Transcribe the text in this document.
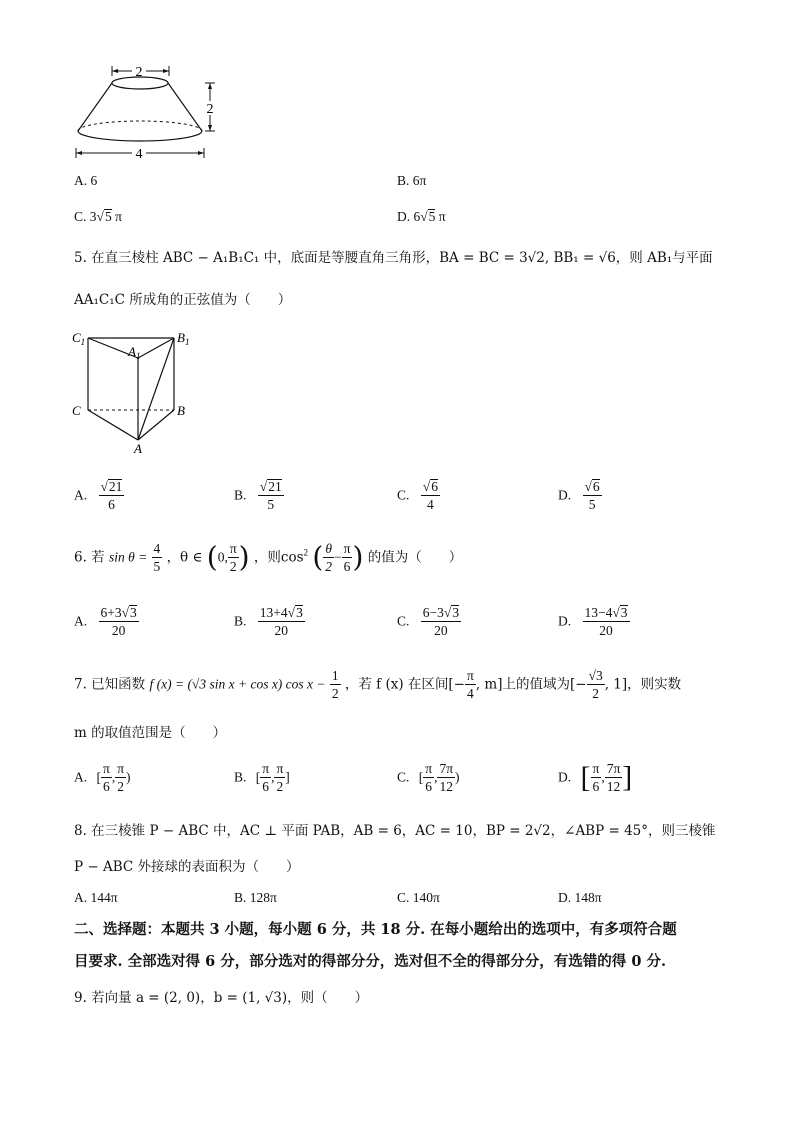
2
2
4
A. 6	B. 6π
C. 3√5 π	D. 6√5 π
5. 在直三棱柱 ABC − A₁B₁C₁ 中，底面是等腰直角三角形，BA = BC = 3√2, BB₁ = √6，则 AB₁与平面
AA₁C₁C 所成角的正弦值为（　　）
$C_1$
$A_1$
$B_1$
C	B
A
A. $\frac{√21}{6}$	B. $\frac{√21}{5}$	C. $\frac{√6}{4}$	D. $\frac{√6}{5}$
6. 若 $\sin \theta = \frac{4}{5}$ ，θ ∈ (0, $\frac{\pi}{2}$ ) ，则$\cos^2$ ( $\frac{\theta}{2} - \frac{\pi}{6}$ ) 的值为（　　）
A. $\frac{6+3√3}{20}$	B. $\frac{13+4√3}{20}$	C. $\frac{6-3√3}{20}$	D. $\frac{13-4√3}{20}$
7. 已知函数 f (x) = (√3 sin x + cos x) $\cos x - \frac{1}{2}$ ，若 f (x) 在区间[− $\frac{\pi}{4}$ , m]上的值域为[− $\frac{√3}{2}$ , 1]，则实数
m 的取值范围是（　　）
A. [ $\frac{\pi}{6}$ , $\frac{\pi}{2}$ )	B. [ $\frac{\pi}{6}$ , $\frac{\pi}{2}$ ]	C. [ $\frac{\pi}{6}$ , $\frac{7\pi}{12}$ )	D. [ $\frac{\pi}{6}$ , $\frac{7\pi}{12}$ ]
8. 在三棱锥 P − ABC 中，AC ⊥ 平面 PAB，AB = 6，AC = 10，BP = 2√2，∠ABP = 45°，则三棱锥
P − ABC 外接球的表面积为（　　）
A. 144π	B. 128π	C. 140π	D. 148π
二、选择题：本题共 3 小题，每小题 6 分，共 18 分. 在每小题给出的选项中，有多项符合题
目要求. 全部选对得 6 分，部分选对的得部分分，选对但不全的得部分分，有选错的得 0 分.
9. 若向量 a = (2, 0)，b = (1, √3)，则（　　）
